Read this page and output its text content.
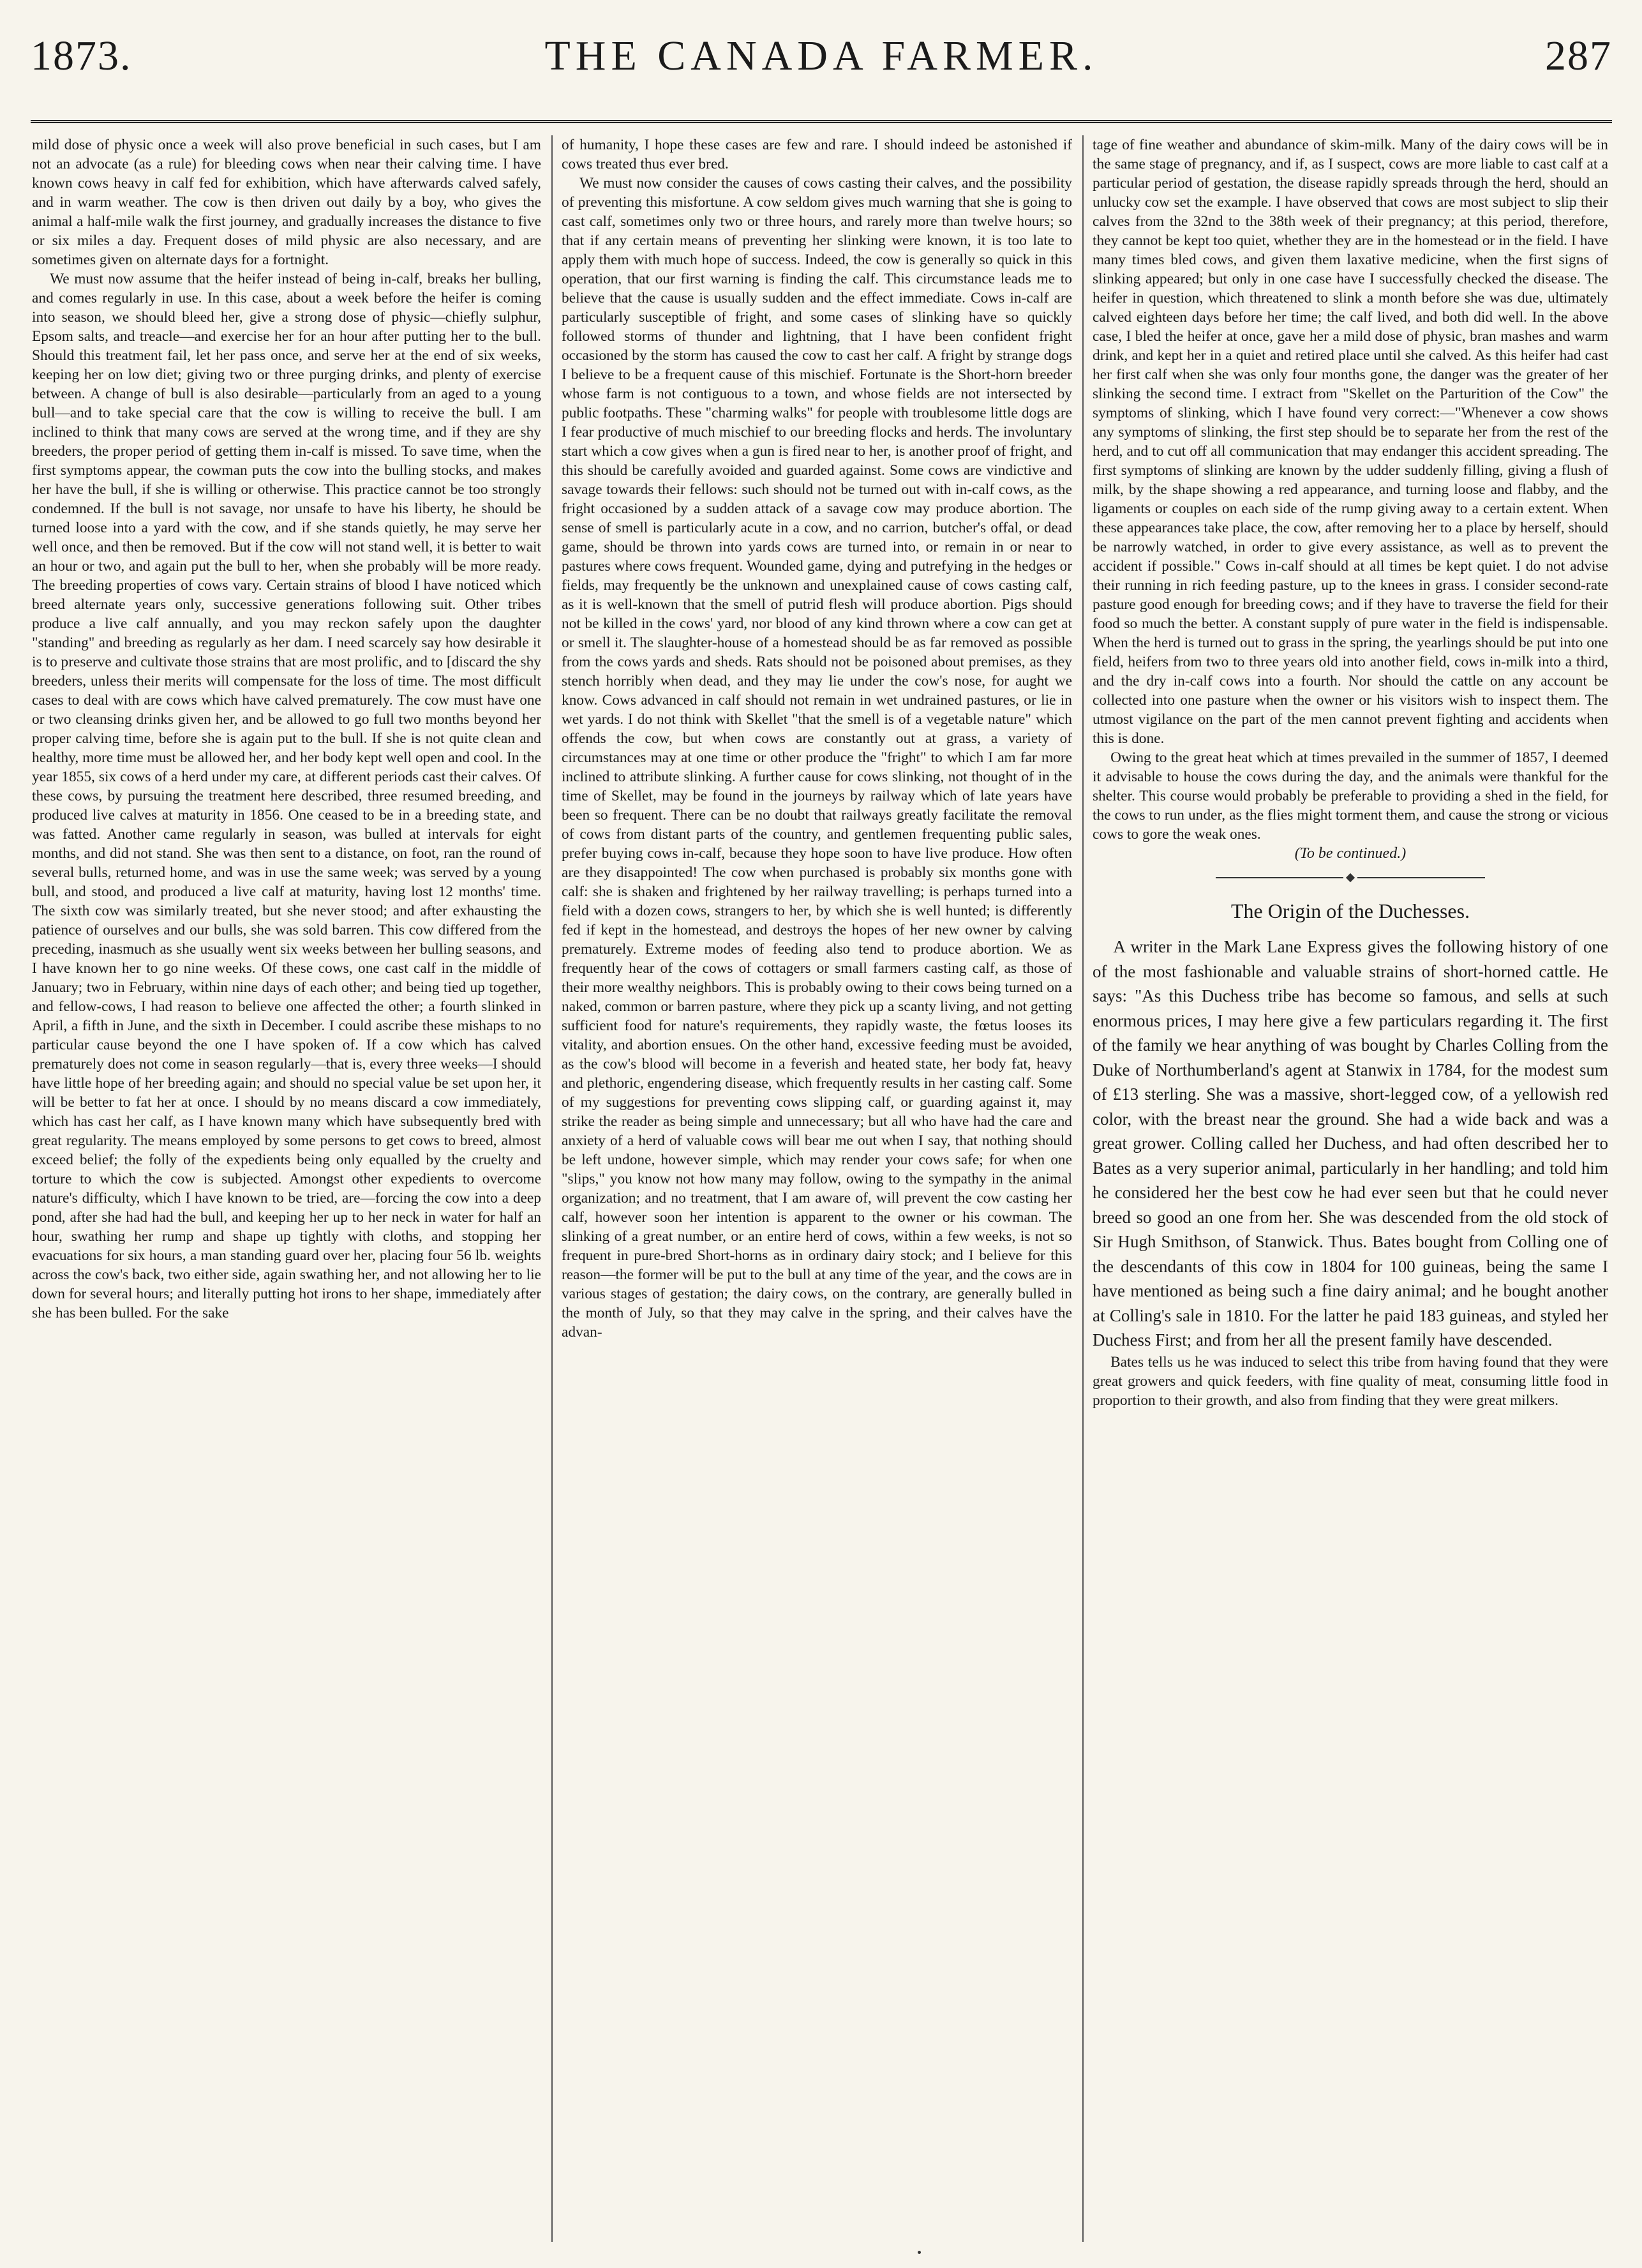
1873.	THE CANADA FARMER.	287

mild dose of physic once a week will also prove beneficial in such cases, but I am not an advocate (as a rule) for bleeding cows when near their calving time. I have known cows heavy in calf fed for exhibition, which have afterwards calved safely, and in warm weather. The cow is then driven out daily by a boy, who gives the animal a half-mile walk the first journey, and gradually increases the distance to five or six miles a day. Frequent doses of mild physic are also necessary, and are sometimes given on alternate days for a fortnight.

We must now assume that the heifer instead of being in-calf, breaks her bulling, and comes regularly in use. In this case, about a week before the heifer is coming into season, we should bleed her, give a strong dose of physic—chiefly sulphur, Epsom salts, and treacle—and exercise her for an hour after putting her to the bull. Should this treatment fail, let her pass once, and serve her at the end of six weeks, keeping her on low diet; giving two or three purging drinks, and plenty of exercise between. A change of bull is also desirable—particularly from an aged to a young bull—and to take special care that the cow is willing to receive the bull. I am inclined to think that many cows are served at the wrong time, and if they are shy breeders, the proper period of getting them in-calf is missed. To save time, when the first symptoms appear, the cowman puts the cow into the bulling stocks, and makes her have the bull, if she is willing or otherwise. This practice cannot be too strongly condemned. If the bull is not savage, nor unsafe to have his liberty, he should be turned loose into a yard with the cow, and if she stands quietly, he may serve her well once, and then be removed. But if the cow will not stand well, it is better to wait an hour or two, and again put the bull to her, when she probably will be more ready. The breeding properties of cows vary. Certain strains of blood I have noticed which breed alternate years only, successive generations following suit. Other tribes produce a live calf annually, and you may reckon safely upon the daughter "standing" and breeding as regularly as her dam. I need scarcely say how desirable it is to preserve and cultivate those strains that are most prolific, and to [discard the shy breeders, unless their merits will compensate for the loss of time. The most difficult cases to deal with are cows which have calved prematurely. The cow must have one or two cleansing drinks given her, and be allowed to go full two months beyond her proper calving time, before she is again put to the bull. If she is not quite clean and healthy, more time must be allowed her, and her body kept well open and cool. In the year 1855, six cows of a herd under my care, at different periods cast their calves. Of these cows, by pursuing the treatment here described, three resumed breeding, and produced live calves at maturity in 1856. One ceased to be in a breeding state, and was fatted. Another came regularly in season, was bulled at intervals for eight months, and did not stand. She was then sent to a distance, on foot, ran the round of several bulls, returned home, and was in use the same week; was served by a young bull, and stood, and produced a live calf at maturity, having lost 12 months' time. The sixth cow was similarly treated, but she never stood; and after exhausting the patience of ourselves and our bulls, she was sold barren. This cow differed from the preceding, inasmuch as she usually went six weeks between her bulling seasons, and I have known her to go nine weeks. Of these cows, one cast calf in the middle of January; two in February, within nine days of each other; and being tied up together, and fellow-cows, I had reason to believe one affected the other; a fourth slinked in April, a fifth in June, and the sixth in December. I could ascribe these mishaps to no particular cause beyond the one I have spoken of. If a cow which has calved prematurely does not come in season regularly—that is, every three weeks—I should have little hope of her breeding again; and should no special value be set upon her, it will be better to fat her at once. I should by no means discard a cow immediately, which has cast her calf, as I have known many which have subsequently bred with great regularity. The means employed by some persons to get cows to breed, almost exceed belief; the folly of the expedients being only equalled by the cruelty and torture to which the cow is subjected. Amongst other expedients to overcome nature's difficulty, which I have known to be tried, are—forcing the cow into a deep pond, after she had had the bull, and keeping her up to her neck in water for half an hour, swathing her rump and shape up tightly with cloths, and stopping her evacuations for six hours, a man standing guard over her, placing four 56 lb. weights across the cow's back, two either side, again swathing her, and not allowing her to lie down for several hours; and literally putting hot irons to her shape, immediately after she has been bulled. For the sake

of humanity, I hope these cases are few and rare. I should indeed be astonished if cows treated thus ever bred.

We must now consider the causes of cows casting their calves, and the possibility of preventing this misfortune. A cow seldom gives much warning that she is going to cast calf, sometimes only two or three hours, and rarely more than twelve hours; so that if any certain means of preventing her slinking were known, it is too late to apply them with much hope of success. Indeed, the cow is generally so quick in this operation, that our first warning is finding the calf. This circumstance leads me to believe that the cause is usually sudden and the effect immediate. Cows in-calf are particularly susceptible of fright, and some cases of slinking have so quickly followed storms of thunder and lightning, that I have been confident fright occasioned by the storm has caused the cow to cast her calf. A fright by strange dogs I believe to be a frequent cause of this mischief. Fortunate is the Short-horn breeder whose farm is not contiguous to a town, and whose fields are not intersected by public footpaths. These "charming walks" for people with troublesome little dogs are I fear productive of much mischief to our breeding flocks and herds. The involuntary start which a cow gives when a gun is fired near to her, is another proof of fright, and this should be carefully avoided and guarded against. Some cows are vindictive and savage towards their fellows: such should not be turned out with in-calf cows, as the fright occasioned by a sudden attack of a savage cow may produce abortion. The sense of smell is particularly acute in a cow, and no carrion, butcher's offal, or dead game, should be thrown into yards cows are turned into, or remain in or near to pastures where cows frequent. Wounded game, dying and putrefying in the hedges or fields, may frequently be the unknown and unexplained cause of cows casting calf, as it is well-known that the smell of putrid flesh will produce abortion. Pigs should not be killed in the cows' yard, nor blood of any kind thrown where a cow can get at or smell it. The slaughter-house of a homestead should be as far removed as possible from the cows yards and sheds. Rats should not be poisoned about premises, as they stench horribly when dead, and they may lie under the cow's nose, for aught we know. Cows advanced in calf should not remain in wet undrained pastures, or lie in wet yards. I do not think with Skellet "that the smell is of a vegetable nature" which offends the cow, but when cows are constantly out at grass, a variety of circumstances may at one time or other produce the "fright" to which I am far more inclined to attribute slinking. A further cause for cows slinking, not thought of in the time of Skellet, may be found in the journeys by railway which of late years have been so frequent. There can be no doubt that railways greatly facilitate the removal of cows from distant parts of the country, and gentlemen frequenting public sales, prefer buying cows in-calf, because they hope soon to have live produce. How often are they disappointed! The cow when purchased is probably six months gone with calf: she is shaken and frightened by her railway travelling; is perhaps turned into a field with a dozen cows, strangers to her, by which she is well hunted; is differently fed if kept in the homestead, and destroys the hopes of her new owner by calving prematurely. Extreme modes of feeding also tend to produce abortion. We as frequently hear of the cows of cottagers or small farmers casting calf, as those of their more wealthy neighbors. This is probably owing to their cows being turned on a naked, common or barren pasture, where they pick up a scanty living, and not getting sufficient food for nature's requirements, they rapidly waste, the fœtus looses its vitality, and abortion ensues. On the other hand, excessive feeding must be avoided, as the cow's blood will become in a feverish and heated state, her body fat, heavy and plethoric, engendering disease, which frequently results in her casting calf. Some of my suggestions for preventing cows slipping calf, or guarding against it, may strike the reader as being simple and unnecessary; but all who have had the care and anxiety of a herd of valuable cows will bear me out when I say, that nothing should be left undone, however simple, which may render your cows safe; for when one "slips," you know not how many may follow, owing to the sympathy in the animal organization; and no treatment, that I am aware of, will prevent the cow casting her calf, however soon her intention is apparent to the owner or his cowman. The slinking of a great number, or an entire herd of cows, within a few weeks, is not so frequent in pure-bred Short-horns as in ordinary dairy stock; and I believe for this reason—the former will be put to the bull at any time of the year, and the cows are in various stages of gestation; the dairy cows, on the contrary, are generally bulled in the month of July, so that they may calve in the spring, and their calves have the advan-

tage of fine weather and abundance of skim-milk. Many of the dairy cows will be in the same stage of pregnancy, and if, as I suspect, cows are more liable to cast calf at a particular period of gestation, the disease rapidly spreads through the herd, should an unlucky cow set the example. I have observed that cows are most subject to slip their calves from the 32nd to the 38th week of their pregnancy; at this period, therefore, they cannot be kept too quiet, whether they are in the homestead or in the field. I have many times bled cows, and given them laxative medicine, when the first signs of slinking appeared; but only in one case have I successfully checked the disease. The heifer in question, which threatened to slink a month before she was due, ultimately calved eighteen days before her time; the calf lived, and both did well. In the above case, I bled the heifer at once, gave her a mild dose of physic, bran mashes and warm drink, and kept her in a quiet and retired place until she calved. As this heifer had cast her first calf when she was only four months gone, the danger was the greater of her slinking the second time. I extract from "Skellet on the Parturition of the Cow" the symptoms of slinking, which I have found very correct:—"Whenever a cow shows any symptoms of slinking, the first step should be to separate her from the rest of the herd, and to cut off all communication that may endanger this accident spreading. The first symptoms of slinking are known by the udder suddenly filling, giving a flush of milk, by the shape showing a red appearance, and turning loose and flabby, and the ligaments or couples on each side of the rump giving away to a certain extent. When these appearances take place, the cow, after removing her to a place by herself, should be narrowly watched, in order to give every assistance, as well as to prevent the accident if possible." Cows in-calf should at all times be kept quiet. I do not advise their running in rich feeding pasture, up to the knees in grass. I consider second-rate pasture good enough for breeding cows; and if they have to traverse the field for their food so much the better. A constant supply of pure water in the field is indispensable. When the herd is turned out to grass in the spring, the yearlings should be put into one field, heifers from two to three years old into another field, cows in-milk into a third, and the dry in-calf cows into a fourth. Nor should the cattle on any account be collected into one pasture when the owner or his visitors wish to inspect them. The utmost vigilance on the part of the men cannot prevent fighting and accidents when this is done.

Owing to the great heat which at times prevailed in the summer of 1857, I deemed it advisable to house the cows during the day, and the animals were thankful for the shelter. This course would probably be preferable to providing a shed in the field, for the cows to run under, as the flies might torment them, and cause the strong or vicious cows to gore the weak ones.

(To be continued.)

The Origin of the Duchesses.

A writer in the Mark Lane Express gives the following history of one of the most fashionable and valuable strains of short-horned cattle. He says: "As this Duchess tribe has become so famous, and sells at such enormous prices, I may here give a few particulars regarding it. The first of the family we hear anything of was bought by Charles Colling from the Duke of Northumberland's agent at Stanwix in 1784, for the modest sum of £13 sterling. She was a massive, short-legged cow, of a yellowish red color, with the breast near the ground. She had a wide back and was a great grower. Colling called her Duchess, and had often described her to Bates as a very superior animal, particularly in her handling; and told him he considered her the best cow he had ever seen but that he could never breed so good an one from her. She was descended from the old stock of Sir Hugh Smithson, of Stanwick. Thus. Bates bought from Colling one of the descendants of this cow in 1804 for 100 guineas, being the same I have mentioned as being such a fine dairy animal; and he bought another at Colling's sale in 1810. For the latter he paid 183 guineas, and styled her Duchess First; and from her all the present family have descended.

Bates tells us he was induced to select this tribe from having found that they were great growers and quick feeders, with fine quality of meat, consuming little food in proportion to their growth, and also from finding that they were great milkers.
